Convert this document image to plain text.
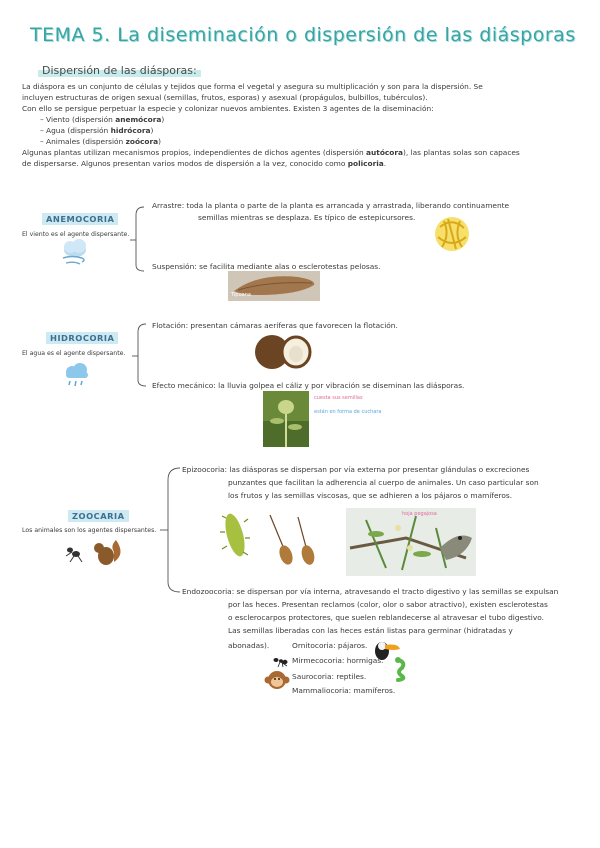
TEMA 5. La diseminación o dispersión de las diásporas
Dispersión de las diásporas:
La diáspora es un conjunto de células y tejidos que forma el vegetal y asegura su multiplicación y son para la dispersión. Se
incluyen estructuras de origen sexual (semillas, frutos, esporas) y asexual (propágulos, bulbillos, tubérculos).
Con ello se persigue perpetuar la especie y colonizar nuevos ambientes. Existen 3 agentes de la diseminación:
– Viento (dispersión anemócora)
– Agua (dispersión hidrócora)
– Animales (dispersión zoócora)
Algunas plantas utilizan mecanismos propios, independientes de dichos agentes (dispersión autócora), las plantas solas son capaces
de dispersarse. Algunos presentan varios modos de dispersión a la vez, conocido como policoria.
ANEMOCORIA
El viento es el agente dispersante.
Arrastre: toda la planta o parte de la planta es arrancada y arrastrada, liberando continuamente
semillas mientras se desplaza. Es típico de estepicursores.
Suspensión: se facilita mediante alas o esclerotestas pelosas.
Tipuana
HIDROCORIA
El agua es el agente dispersante.
Flotación: presentan cámaras aeríferas que favorecen la flotación.
Efecto mecánico: la lluvia golpea el cáliz y por vibración se diseminan las diásporas.
cuesta sus semillas
están en forma de cuchara
ZOOCARIA
Los animales son los agentes dispersantes.
Epizoocoria: las diásporas se dispersan por vía externa por presentar glándulas o excreciones
punzantes que facilitan la adherencia al cuerpo de animales. Un caso particular son
los frutos y las semillas viscosas, que se adhieren a los pájaros o mamíferos.
hoja pegajosa
Endozoocoria: se dispersan por vía interna, atravesando el tracto digestivo y las semillas se expulsan
por las heces. Presentan reclamos (color, olor o sabor atractivo), existen esclerotestas
o esclerocarpos protectores, que suelen reblandecerse al atravesar el tubo digestivo.
Las semillas liberadas con las heces están listas para germinar (hidratadas y
abonadas).	Ornitocoria: pájaros.
Mirmecocoria: hormigas.
Saurocoria: reptiles.
Mammaliocoria: mamíferos.
